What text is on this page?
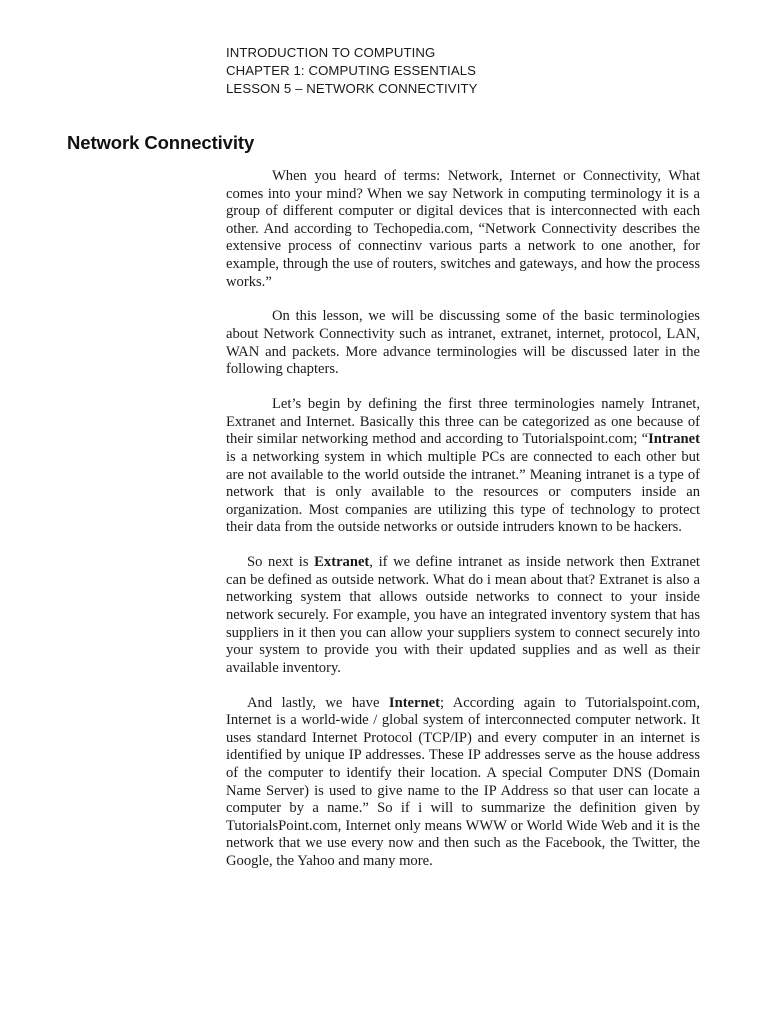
INTRODUCTION TO COMPUTING
CHAPTER 1: COMPUTING ESSENTIALS
LESSON 5 – NETWORK CONNECTIVITY
Network Connectivity

When you heard of terms: Network, Internet or Connectivity, What comes into your mind? When we say Network in computing terminology it is a group of different computer or digital devices that is interconnected with each other. And according to Techopedia.com, “Network Connectivity describes the extensive process of connectinv various parts a network to one another, for example, through the use of routers, switches and gateways, and how the process works.”

On this lesson, we will be discussing some of the basic terminologies about Network Connectivity such as intranet, extranet, internet, protocol, LAN, WAN and packets. More advance terminologies will be discussed later in the following chapters.

Let’s begin by defining the first three terminologies namely Intranet, Extranet and Internet. Basically this three can be categorized as one because of their similar networking method and according to Tutorialspoint.com; “Intranet is a networking system in which multiple PCs are connected to each other but are not available to the world outside the intranet.” Meaning intranet is a type of network that is only available to the resources or computers inside an organization. Most companies are utilizing this type of technology to protect their data from the outside networks or outside intruders known to be hackers.

So next is Extranet, if we define intranet as inside network then Extranet can be defined as outside network. What do i mean about that? Extranet is also a networking system that allows outside networks to connect to your inside network securely. For example, you have an integrated inventory system that has suppliers in it then you can allow your suppliers system to connect securely into your system to provide you with their updated supplies and as well as their available inventory.

And lastly, we have Internet; According again to Tutorialspoint.com, Internet is a world-wide / global system of interconnected computer network. It uses standard Internet Protocol (TCP/IP) and every computer in an internet is identified by unique IP addresses. These IP addresses serve as the house address of the computer to identify their location. A special Computer DNS (Domain Name Server) is used to give name to the IP Address so that user can locate a computer by a name.” So if i will to summarize the definition given by TutorialsPoint.com, Internet only means WWW or World Wide Web and it is the network that we use every now and then such as the Facebook, the Twitter, the Google, the Yahoo and many more.
